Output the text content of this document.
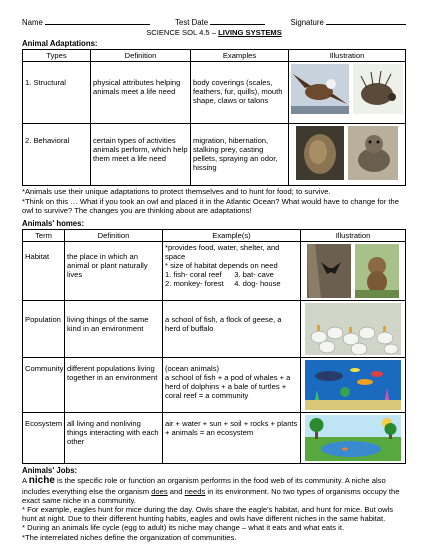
Name	Test Date	Signature
SCIENCE SOL 4.5 – LIVING SYSTEMS
Animal Adaptations:
Types	Definition	Examples	Illustration
1. Structural	physical attributes helping animals meet a life need	body coverings (scales, feathers, fur, quills), mouth shape, claws or talons	

2. Behavioral	certain types of activities animals perform, which help them meet a life need	migration, hibernation, stalking prey, casting pellets, spraying an odor, hissing	

*Animals use their unique adaptations to protect themselves and to hunt for food; to survive.

*Think on this … What if you took an owl and placed it in the Atlantic Ocean? What would have to change for the owl to survive? The changes you are thinking about are adaptations!

Animals' homes:
Term	Definition	Example(s)	Illustration
Habitat	the place in which an animal or plant naturally lives	*provides food, water, shelter, and space
* size of habitat depends on need
1. fish- coral reef      3. bat- cave
2. monkey- forest     4. dog- house

Population	living things of the same kind in an environment	a school of fish, a flock of geese, a herd of buffalo	

Community	different populations living together in an environment	(ocean animals)
a school of fish + a pod of whales + a herd of dolphins + a bale of turtles + coral reef = a community

Ecosystem	all living and nonliving things interacting with each other	air + water + sun + soil + rocks + plants + animals = an ecosystem	
Animals' Jobs:

A niche is the specific role or function an organism performs in the food web of its community. A niche also includes everything else the organism does and needs in its environment. No two types of organisms occupy the exact same niche in a community.

* For example, eagles hunt for mice during the day. Owls share the eagle's habitat, and hunt for mice. But owls hunt at night. Due to their different hunting habits, eagles and owls have different niches in the same habitat.

* During an animals life cycle (egg to adult) its niche may change – what it eats and what eats it.

*The interrelated niches define the organization of communities.
